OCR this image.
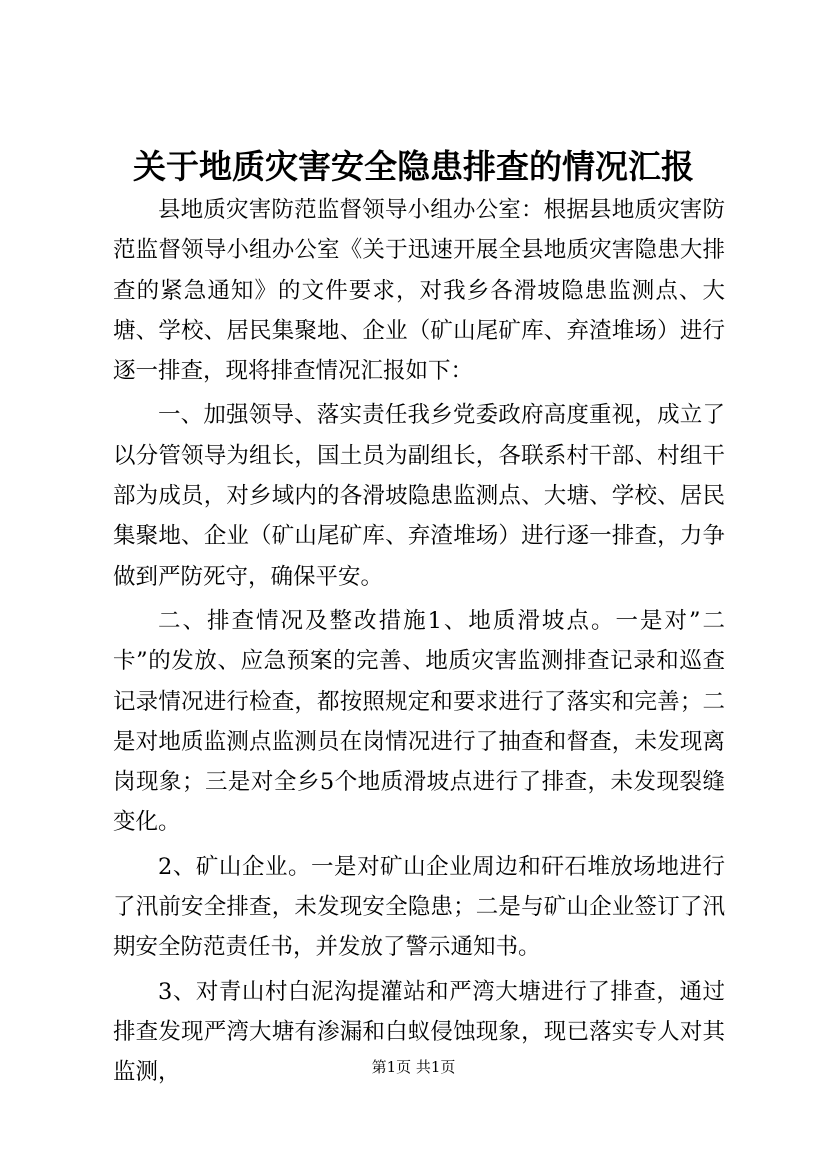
关于地质灾害安全隐患排查的情况汇报

县地质灾害防范监督领导小组办公室：根据县地质灾害防范监督领导小组办公室《关于迅速开展全县地质灾害隐患大排查的紧急通知》的文件要求，对我乡各滑坡隐患监测点、大塘、学校、居民集聚地、企业（矿山尾矿库、弃渣堆场）进行逐一排查，现将排查情况汇报如下：

一、加强领导、落实责任我乡党委政府高度重视，成立了以分管领导为组长，国土员为副组长，各联系村干部、村组干部为成员，对乡域内的各滑坡隐患监测点、大塘、学校、居民集聚地、企业（矿山尾矿库、弃渣堆场）进行逐一排查，力争做到严防死守，确保平安。

二、排查情况及整改措施1、地质滑坡点。一是对”二卡”的发放、应急预案的完善、地质灾害监测排查记录和巡查记录情况进行检查，都按照规定和要求进行了落实和完善；二是对地质监测点监测员在岗情况进行了抽查和督查，未发现离岗现象；三是对全乡5个地质滑坡点进行了排查，未发现裂缝变化。

2、矿山企业。一是对矿山企业周边和矸石堆放场地进行了汛前安全排查，未发现安全隐患；二是与矿山企业签订了汛期安全防范责任书，并发放了警示通知书。

3、对青山村白泥沟提灌站和严湾大塘进行了排查，通过排查发现严湾大塘有渗漏和白蚁侵蚀现象，现已落实专人对其监测，	第1页 共1页
